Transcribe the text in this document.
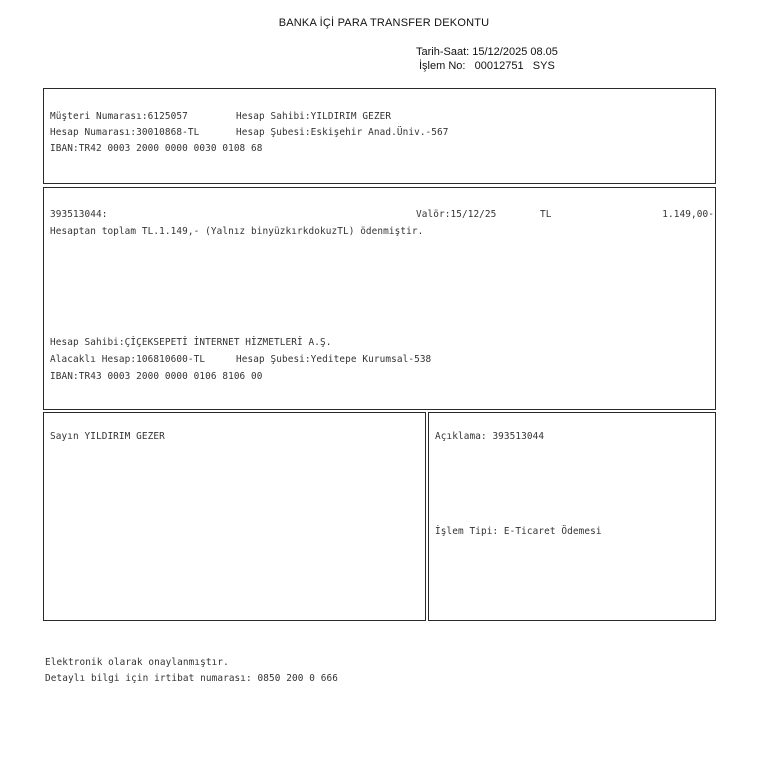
BANKA İÇİ PARA TRANSFER DEKONTU
Tarih-Saat: 15/12/2025 08.05
İşlem No: 00012751 SYS
Müşteri Numarası:6125057	Hesap Sahibi:YILDIRIM GEZER
Hesap Numarası:30010868-TL	Hesap Şubesi:Eskişehir Anad.Üniv.-567
IBAN:TR42 0003 2000 0000 0030 0108 68
393513044:	Valör:15/12/25	TL	1.149,00-
Hesaptan toplam TL.1.149,- (Yalnız binyüzkırkdokuzTL) ödenmiştir.
Hesap Sahibi:ÇİÇEKSEPETİ İNTERNET HİZMETLERİ A.Ş.
Alacaklı Hesap:106810600-TL	Hesap Şubesi:Yeditepe Kurumsal-538
IBAN:TR43 0003 2000 0000 0106 8106 00
Sayın YILDIRIM GEZER	Açıklama: 393513044
İşlem Tipi: E-Ticaret Ödemesi
Elektronik olarak onaylanmıştır.
Detaylı bilgi için irtibat numarası: 0850 200 0 666
